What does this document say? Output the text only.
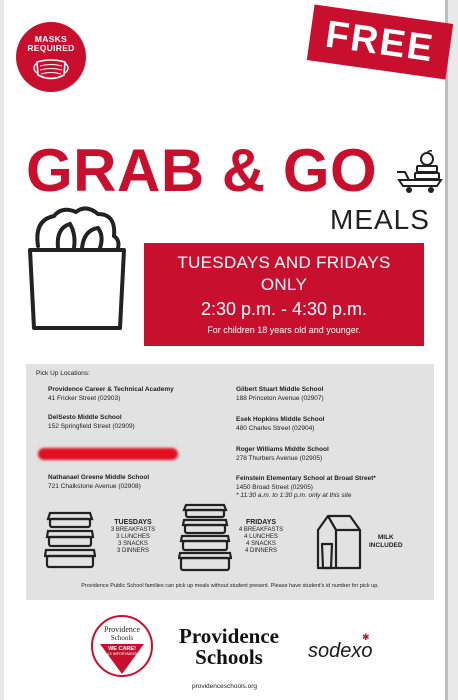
MASKS
REQUIRED	FREE
GRAB & GO
MEALS
TUESDAYS AND FRIDAYS
ONLY
2:30 p.m. - 4:30 p.m.
For children 18 years old and younger.
Pick Up Locations:
Providence Career & Technical Academy
41 Fricker Street (02903)
DelSesto Middle School
152 Springfield Street (02909)
Nathanael Greene Middle School
721 Chalkstone Avenue (02908)
Gilbert Stuart Middle School
188 Princeton Avenue (02907)
Esek Hopkins Middle School
480 Charles Street (02904)
Roger Williams Middle School
278 Thurbers Avenue (02905)
Feinstein Elementary School at Broad Street*
1450 Broad Street (02905)
* 11:30 a.m. to 1:30 p.m. only at this site
TUESDAYS
3 BREAKFASTS
3 LUNCHES
3 SNACKS
3 DINNERS
FRIDAYS
4 BREAKFASTS
4 LUNCHES
4 SNACKS
4 DINNERS
MILK
INCLUDED
Providence Public School families can pick up meals without student present. Please have student's id number for pick up.
Providence
Schools
WE CARE!
¡LE IMPORTAMOS!
Providence
Schools	sodexo
✱
providenceschools.org
